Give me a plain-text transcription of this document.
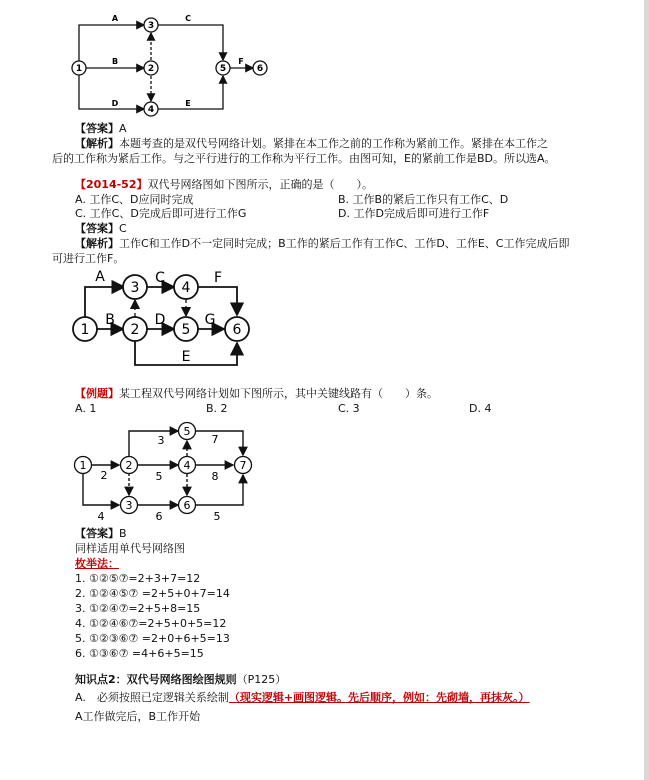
1	2
3
4
5	6
A
B
C
D	E
F
【答案】A
【解析】本题考查的是双代号网络计划。紧排在本工作之前的工作称为紧前工作。紧排在本工作之
后的工作称为紧后工作。与之平行进行的工作称为平行工作。由图可知，E的紧前工作是BD。所以选A。
【2014-52】双代号网络图如下图所示，正确的是（　　）。
A. 工作C、D应同时完成	B. 工作B的紧后工作只有工作C、D
C. 工作C、D完成后即可进行工作G	D. 工作D完成后即可进行工作F
【答案】C
【解析】工作C和工作D不一定同时完成；B工作的紧后工作有工作C、工作D、工作E、C工作完成后即
可进行工作F。
1	2
3	4
5	6
A
B
C
D
E
F
G
【例题】某工程双代号网络计划如下图所示，其中关键线路有（　　）条。
A. 1	B. 2	C. 3	D. 4
1	2
3
4
5
6
7
2
3
5
7
8
4	6	5
【答案】B
同样适用单代号网络图
枚举法：
1. ①②⑤⑦=2+3+7=12
2. ①②④⑤⑦ =2+5+0+7=14
3. ①②④⑦=2+5+8=15
4. ①②④⑥⑦=2+5+0+5=12
5. ①②③⑥⑦ =2+0+6+5=13
6. ①③⑥⑦ =4+6+5=15
知识点2：双代号网络图绘图规则（P125）
A.　必须按照已定逻辑关系绘制（现实逻辑+画图逻辑。先后顺序，例如：先砌墙，再抹灰。）
A工作做完后，B工作开始
